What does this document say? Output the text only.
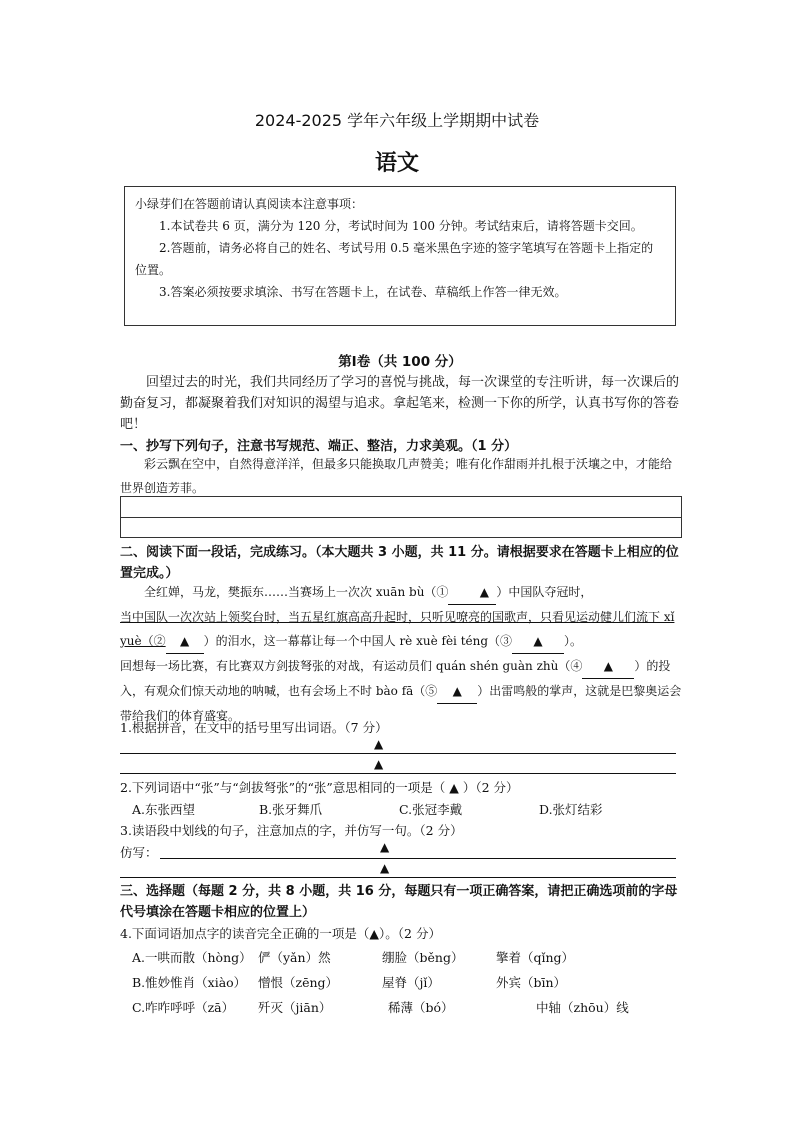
2024-2025 学年六年级上学期期中试卷
语文

小绿芽们在答题前请认真阅读本注意事项：

1.本试卷共 6 页，满分为 120 分，考试时间为 100 分钟。考试结束后，请将答题卡交回。

2.答题前，请务必将自己的姓名、考试号用 0.5 毫米黑色字迹的签字笔填写在答题卡上指定的位置。

3.答案必须按要求填涂、书写在答题卡上，在试卷、草稿纸上作答一律无效。

第Ⅰ卷（共 100 分）
回望过去的时光，我们共同经历了学习的喜悦与挑战，每一次课堂的专注听讲，每一次课后的勤奋复习，都凝聚着我们对知识的渴望与追求。拿起笔来，检测一下你的所学，认真书写你的答卷吧！
一、抄写下列句子，注意书写规范、端正、整洁，力求美观。（1 分）
彩云飘在空中，自然得意洋洋，但最多只能换取几声赞美；唯有化作甜雨并扎根于沃壤之中，才能给世界创造芳菲。
二、阅读下面一段话，完成练习。（本大题共 3 小题，共 11 分。请根据要求在答题卡上相应的位置完成。）
全红婵，马龙，樊振东……当赛场上一次次 xuān bù（①	▲ ）中国队夺冠时，
当中国队一次次站上领奖台时，当五星红旗高高升起时，只听见嘹亮的国歌声，只看见运动健儿们流下 xǐ yuè（② ▲ ）的泪水，这一幕幕让每一个中国人 rè xuè fèi téng（③ ▲ ）。
回想每一场比赛，有比赛双方剑拔弩张的对战，有运动员们 quán shén guàn zhù（④ ▲ ）的投入，有观众们惊天动地的呐喊，也有会场上不时 bào fā（⑤ ▲ ）出雷鸣般的掌声，这就是巴黎奥运会带给我们的体育盛宴。
1.根据拼音，在文中的括号里写出词语。（7 分）
▲
▲
2.下列词语中“张”与“剑拔弩张”的“张”意思相同的一项是（ ▲ ）（2 分）
A.东张西望	B.张牙舞爪	C.张冠李戴	D.张灯结彩
3.读语段中划线的句子，注意加点的字，并仿写一句。（2 分）
仿写：	▲
▲
三、选择题（每题 2 分，共 8 小题，共 16 分，每题只有一项正确答案，请把正确选项前的字母代号填涂在答题卡相应的位置上）
4.下面词语加点字的读音完全正确的一项是（▲）。（2 分）
A.一哄而散（hòng） 俨（yǎn）然	绷脸（běng）	擎着（qǐng）
B.惟妙惟肖（xiào） 憎恨（zēng）	屋脊（jǐ）	外宾（bīn）
C.咋咋呼呼（zā）	歼灭（jiān）	稀薄（bó）	中轴（zhōu）线
